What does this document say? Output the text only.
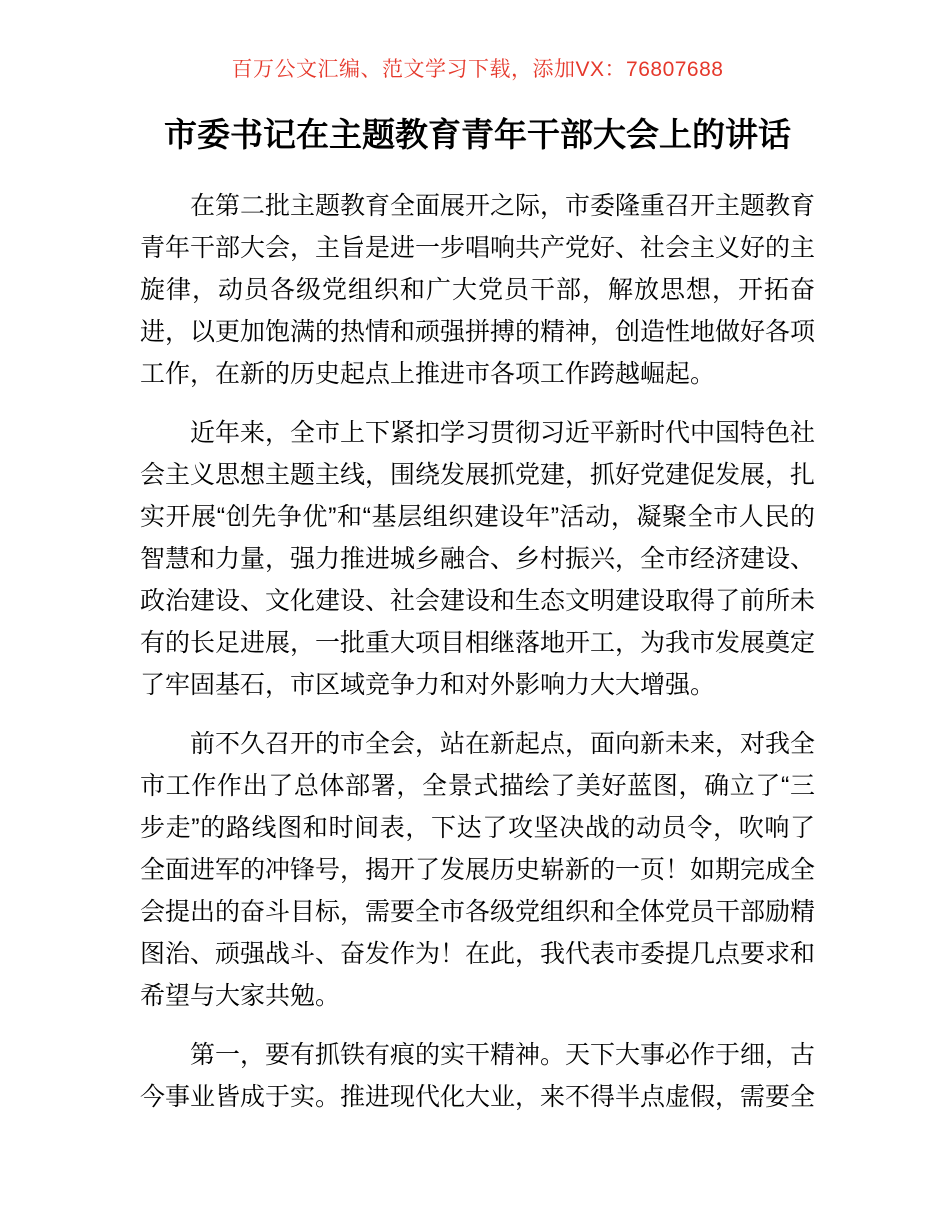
百万公文汇编、范文学习下载，添加VX：76807688
市委书记在主题教育青年干部大会上的讲话

在第二批主题教育全面展开之际，市委隆重召开主题教育青年干部大会，主旨是进一步唱响共产党好、社会主义好的主旋律，动员各级党组织和广大党员干部，解放思想，开拓奋进，以更加饱满的热情和顽强拼搏的精神，创造性地做好各项工作，在新的历史起点上推进市各项工作跨越崛起。

近年来，全市上下紧扣学习贯彻习近平新时代中国特色社会主义思想主题主线，围绕发展抓党建，抓好党建促发展，扎实开展“创先争优”和“基层组织建设年”活动，凝聚全市人民的智慧和力量，强力推进城乡融合、乡村振兴，全市经济建设、政治建设、文化建设、社会建设和生态文明建设取得了前所未有的长足进展，一批重大项目相继落地开工，为我市发展奠定了牢固基石，市区域竞争力和对外影响力大大增强。

前不久召开的市全会，站在新起点，面向新未来，对我全市工作作出了总体部署，全景式描绘了美好蓝图，确立了“三步走”的路线图和时间表，下达了攻坚决战的动员令，吹响了全面进军的冲锋号，揭开了发展历史崭新的一页！如期完成全会提出的奋斗目标，需要全市各级党组织和全体党员干部励精图治、顽强战斗、奋发作为！在此，我代表市委提几点要求和希望与大家共勉。

第一，要有抓铁有痕的实干精神。天下大事必作于细，古今事业皆成于实。推进现代化大业，来不得半点虚假，需要全
